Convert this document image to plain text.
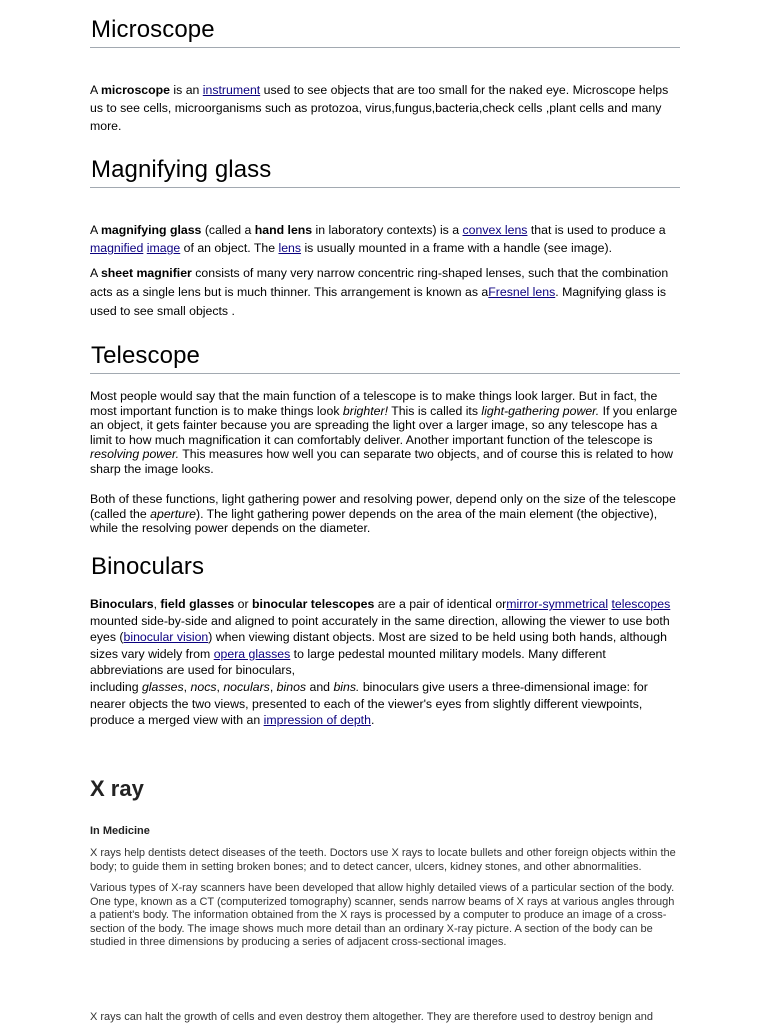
Microscope

A microscope is an instrument used to see objects that are too small for the naked eye. Microscope helps us to see cells, microorganisms such as protozoa, virus,fungus,bacteria,check cells ,plant cells and many more.

Magnifying glass

A magnifying glass (called a hand lens in laboratory contexts) is a convex lens that is used to produce a magnified image of an object. The lens is usually mounted in a frame with a handle (see image).

A sheet magnifier consists of many very narrow concentric ring-shaped lenses, such that the combination acts as a single lens but is much thinner. This arrangement is known as aFresnel lens. Magnifying glass is used to see small objects .

Telescope

Most people would say that the main function of a telescope is to make things look larger. But in fact, the most important function is to make things look brighter! This is called its light-gathering power. If you enlarge an object, it gets fainter because you are spreading the light over a larger image, so any telescope has a limit to how much magnification it can comfortably deliver. Another important function of the telescope is resolving power. This measures how well you can separate two objects, and of course this is related to how sharp the image looks.

Both of these functions, light gathering power and resolving power, depend only on the size of the telescope (called the aperture). The light gathering power depends on the area of the main element (the objective), while the resolving power depends on the diameter.

Binoculars

Binoculars, field glasses or binocular telescopes are a pair of identical ormirror-symmetrical telescopes mounted side-by-side and aligned to point accurately in the same direction, allowing the viewer to use both eyes (binocular vision) when viewing distant objects. Most are sized to be held using both hands, although sizes vary widely from opera glasses to large pedestal mounted military models. Many different abbreviations are used for binoculars,

including glasses, nocs, noculars, binos and bins. binoculars give users a three-dimensional image: for nearer objects the two views, presented to each of the viewer's eyes from slightly different viewpoints, produce a merged view with an impression of depth.

X ray

In Medicine

X rays help dentists detect diseases of the teeth. Doctors use X rays to locate bullets and other foreign objects within the body; to guide them in setting broken bones; and to detect cancer, ulcers, kidney stones, and other abnormalities.

Various types of X-ray scanners have been developed that allow highly detailed views of a particular section of the body. One type, known as a CT (computerized tomography) scanner, sends narrow beams of X rays at various angles through a patient's body. The information obtained from the X rays is processed by a computer to produce an image of a cross-section of the body. The image shows much more detail than an ordinary X-ray picture. A section of the body can be studied in three dimensions by producing a series of adjacent cross-sectional images.

X rays can halt the growth of cells and even destroy them altogether. They are therefore used to destroy benign and
